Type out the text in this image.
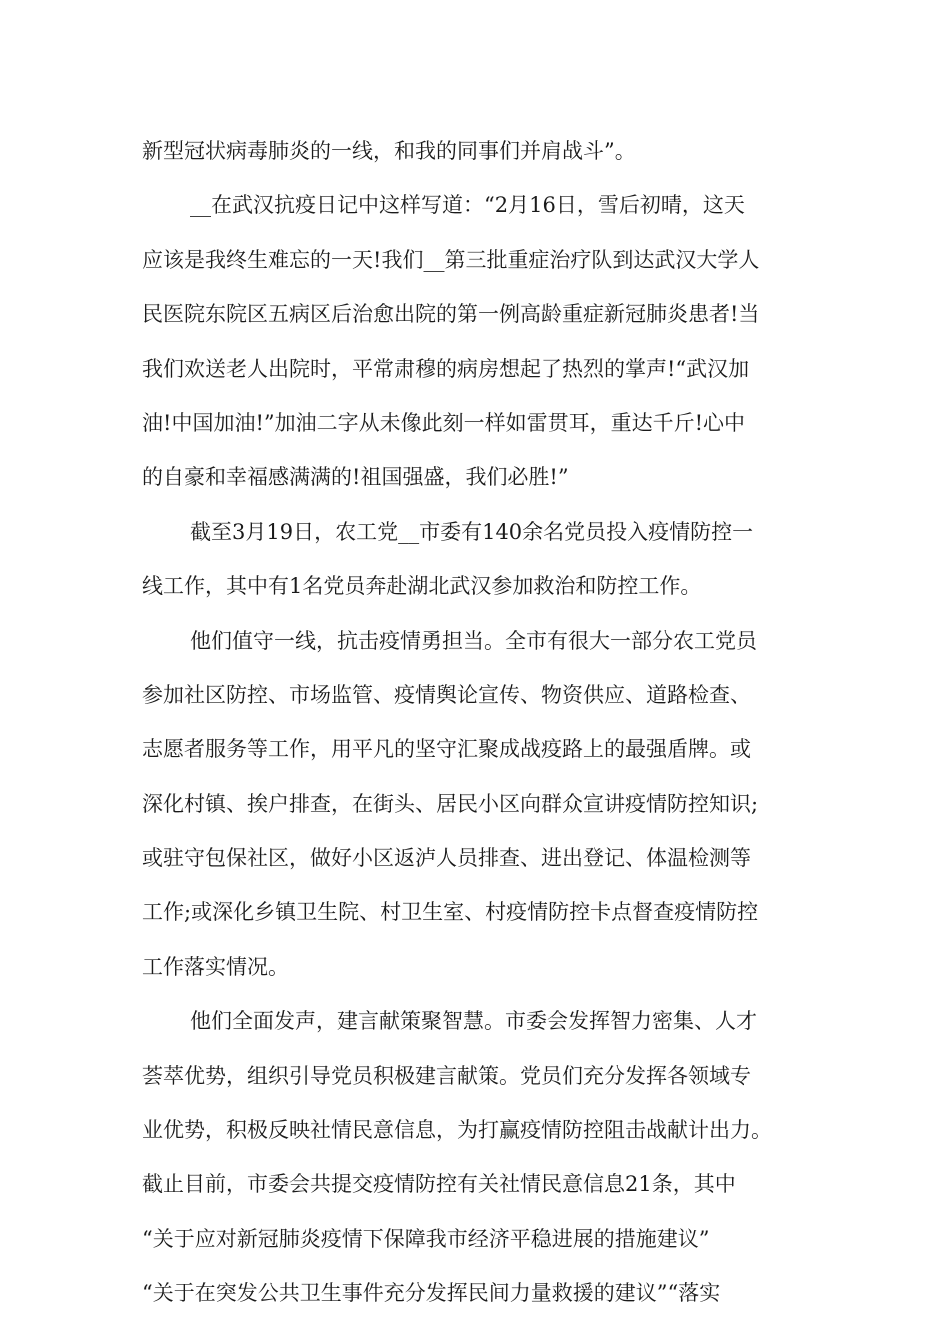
新型冠状病毒肺炎的一线，和我的同事们并肩战斗”。
__在武汉抗疫日记中这样写道：“2月16日，雪后初晴，这天
应该是我终生难忘的一天!我们__第三批重症治疗队到达武汉大学人
民医院东院区五病区后治愈出院的第一例高龄重症新冠肺炎患者!当
我们欢送老人出院时，平常肃穆的病房想起了热烈的掌声!“武汉加
油!中国加油!”加油二字从未像此刻一样如雷贯耳，重达千斤!心中
的自豪和幸福感满满的!祖国强盛，我们必胜!”
截至3月19日，农工党__市委有140余名党员投入疫情防控一
线工作，其中有1名党员奔赴湖北武汉参加救治和防控工作。
他们值守一线，抗击疫情勇担当。全市有很大一部分农工党员
参加社区防控、市场监管、疫情舆论宣传、物资供应、道路检查、
志愿者服务等工作，用平凡的坚守汇聚成战疫路上的最强盾牌。或
深化村镇、挨户排查，在街头、居民小区向群众宣讲疫情防控知识;
或驻守包保社区，做好小区返泸人员排查、进出登记、体温检测等
工作;或深化乡镇卫生院、村卫生室、村疫情防控卡点督查疫情防控
工作落实情况。
他们全面发声，建言献策聚智慧。市委会发挥智力密集、人才
荟萃优势，组织引导党员积极建言献策。党员们充分发挥各领域专
业优势，积极反映社情民意信息，为打赢疫情防控阻击战献计出力。
截止目前，市委会共提交疫情防控有关社情民意信息21条，其中
“关于应对新冠肺炎疫情下保障我市经济平稳进展的措施建议”
“关于在突发公共卫生事件充分发挥民间力量救援的建议”“落实
